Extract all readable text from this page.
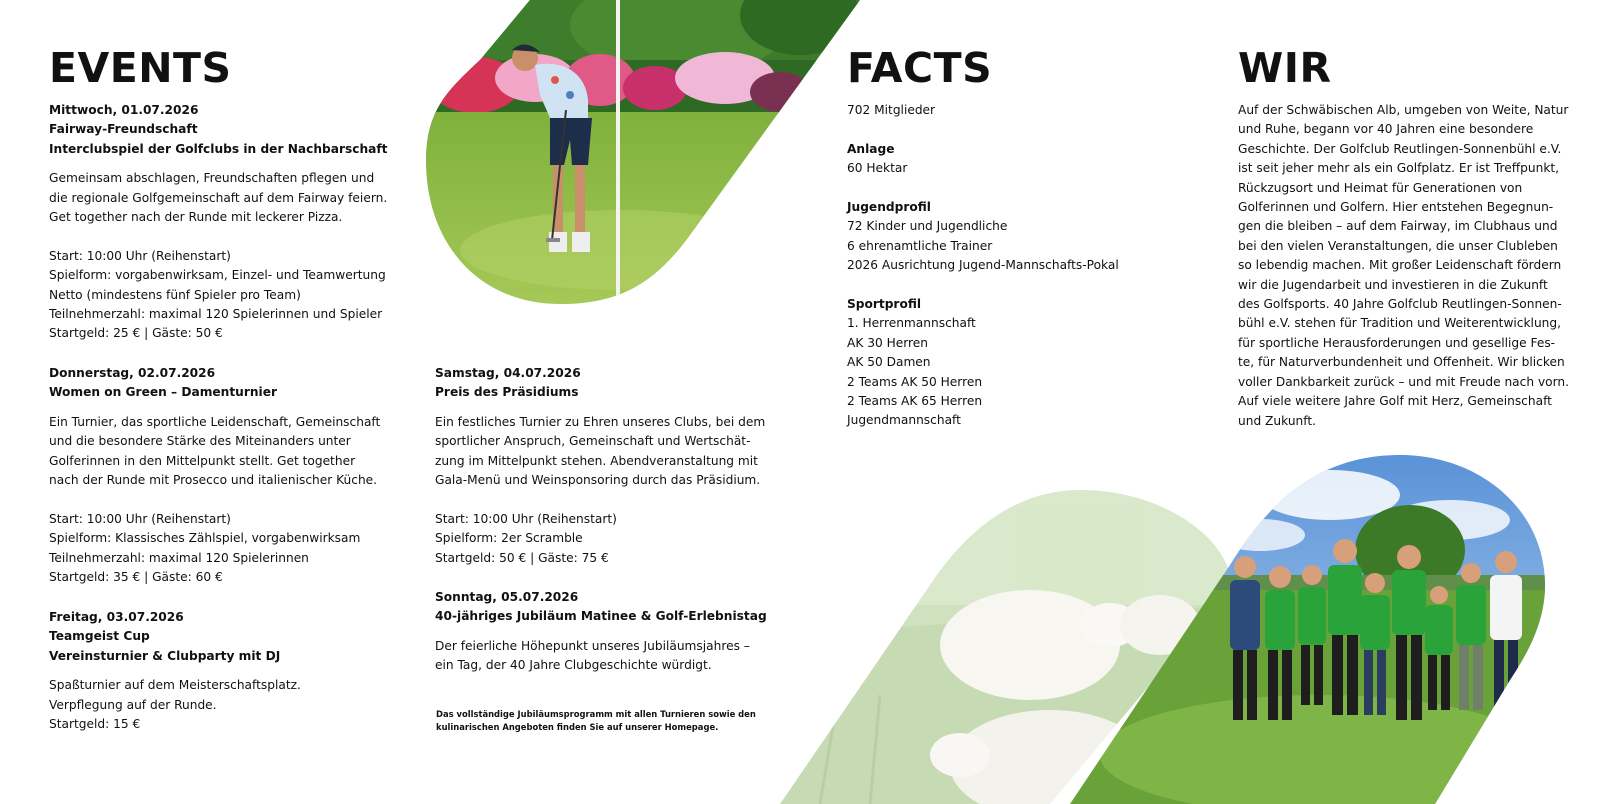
EVENTS

Mittwoch, 01.07.2026

Fairway-Freundschaft

Interclubspiel der Golfclubs in der Nachbarschaft

Gemeinsam abschlagen, Freundschaften pflegen und

die regionale Golfgemeinschaft auf dem Fairway feiern.

Get together nach der Runde mit leckerer Pizza.

Start: 10:00 Uhr (Reihenstart)

Spielform: vorgabenwirksam, Einzel- und Teamwertung

Netto (mindestens fünf Spieler pro Team)

Teilnehmerzahl: maximal 120 Spielerinnen und Spieler

Startgeld: 25 € | Gäste: 50 €

Donnerstag, 02.07.2026

Women on Green – Damenturnier

Ein Turnier, das sportliche Leidenschaft, Gemeinschaft

und die besondere Stärke des Miteinanders unter

Golferinnen in den Mittelpunkt stellt. Get together

nach der Runde mit Prosecco und italienischer Küche.

Start: 10:00 Uhr (Reihenstart)

Spielform: Klassisches Zählspiel, vorgabenwirksam

Teilnehmerzahl: maximal 120 Spielerinnen

Startgeld: 35 € | Gäste: 60 €

Freitag, 03.07.2026

Teamgeist Cup

Vereinsturnier & Clubparty mit DJ

Spaßturnier auf dem Meisterschaftsplatz.

Verpflegung auf der Runde.

Startgeld: 15 €

Samstag, 04.07.2026

Preis des Präsidiums

Ein festliches Turnier zu Ehren unseres Clubs, bei dem

sportlicher Anspruch, Gemeinschaft und Wertschät-

zung im Mittelpunkt stehen. Abendveranstaltung mit

Gala-Menü und Weinsponsoring durch das Präsidium.

Start: 10:00 Uhr (Reihenstart)

Spielform: 2er Scramble

Startgeld: 50 € | Gäste: 75 €

Sonntag, 05.07.2026

40-jähriges Jubiläum Matinee & Golf-Erlebnistag

Der feierliche Höhepunkt unseres Jubiläumsjahres –

ein Tag, der 40 Jahre Clubgeschichte würdigt.

Das vollständige Jubiläumsprogramm mit allen Turnieren sowie den

kulinarischen Angeboten finden Sie auf unserer Homepage.

FACTS

702 Mitglieder

Anlage

60 Hektar

Jugendprofil

72 Kinder und Jugendliche

6 ehrenamtliche Trainer

2026 Ausrichtung Jugend-Mannschafts-Pokal

Sportprofil

1. Herrenmannschaft

AK 30 Herren

AK 50 Damen

2 Teams AK 50 Herren

2 Teams AK 65 Herren

Jugendmannschaft

WIR

Auf der Schwäbischen Alb, umgeben von Weite, Natur

und Ruhe, begann vor 40 Jahren eine besondere

Geschichte. Der Golfclub Reutlingen-Sonnenbühl e.V.

ist seit jeher mehr als ein Golfplatz. Er ist Treffpunkt,

Rückzugsort und Heimat für Generationen von

Golferinnen und Golfern. Hier entstehen Begegnun-

gen die bleiben – auf dem Fairway, im Clubhaus und

bei den vielen Veranstaltungen, die unser Clubleben

so lebendig machen. Mit großer Leidenschaft fördern

wir die Jugendarbeit und investieren in die Zukunft

des Golfsports. 40 Jahre Golfclub Reutlingen-Sonnen-

bühl e.V. stehen für Tradition und Weiterentwicklung,

für sportliche Herausforderungen und gesellige Fes-

te, für Naturverbundenheit und Offenheit. Wir blicken

voller Dankbarkeit zurück – und mit Freude nach vorn.

Auf viele weitere Jahre Golf mit Herz, Gemeinschaft

und Zukunft.
